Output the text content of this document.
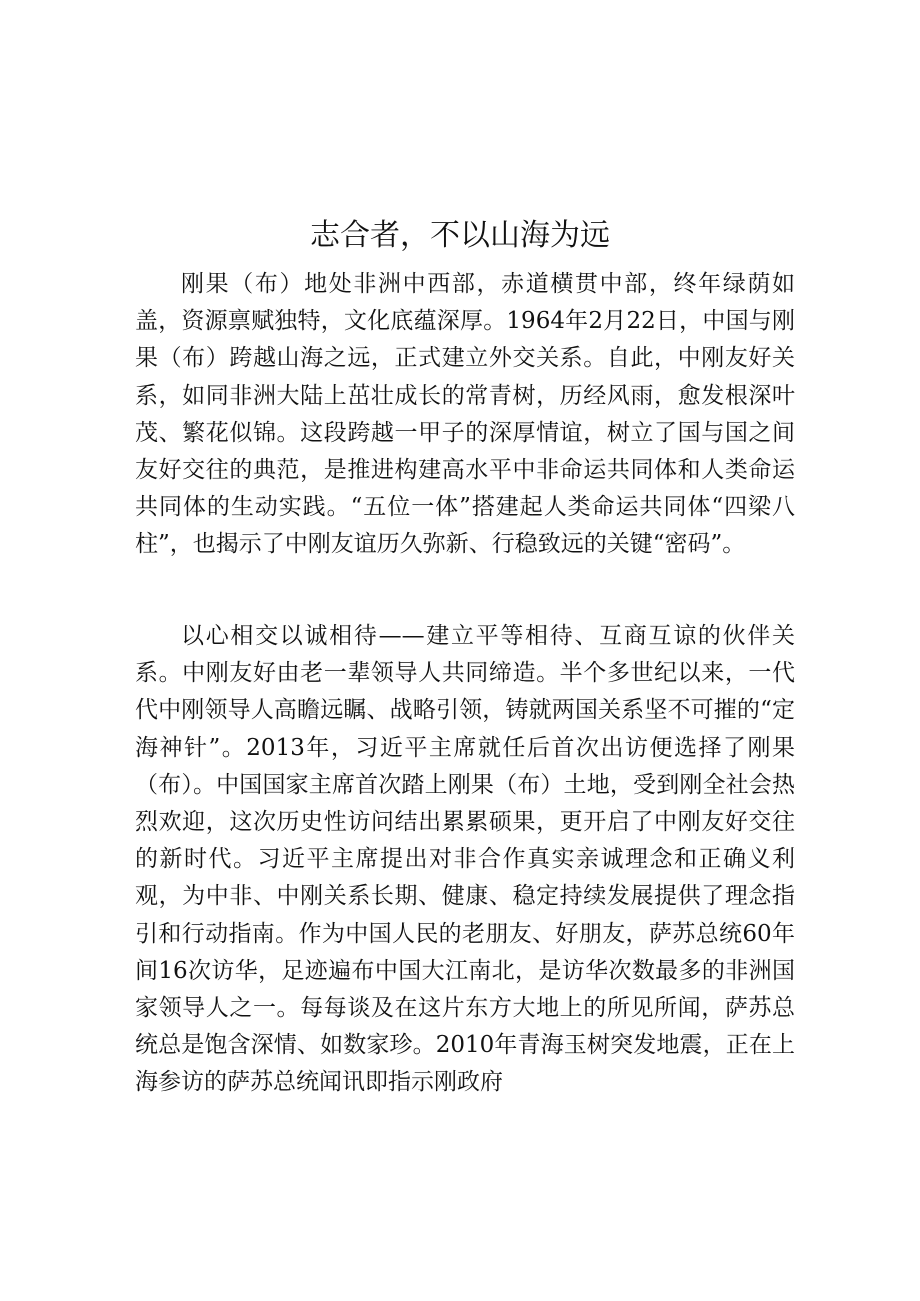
志合者，不以山海为远

刚果（布）地处非洲中西部，赤道横贯中部，终年绿荫如盖，资源禀赋独特，文化底蕴深厚。1964年2月22日，中国与刚果（布）跨越山海之远，正式建立外交关系。自此，中刚友好关系，如同非洲大陆上茁壮成长的常青树，历经风雨，愈发根深叶茂、繁花似锦。这段跨越一甲子的深厚情谊，树立了国与国之间友好交往的典范，是推进构建高水平中非命运共同体和人类命运共同体的生动实践。“五位一体”搭建起人类命运共同体“四梁八柱”，也揭示了中刚友谊历久弥新、行稳致远的关键“密码”。

以心相交以诚相待——建立平等相待、互商互谅的伙伴关系。中刚友好由老一辈领导人共同缔造。半个多世纪以来，一代代中刚领导人高瞻远瞩、战略引领，铸就两国关系坚不可摧的“定海神针”。2013年，习近平主席就任后首次出访便选择了刚果（布）。中国国家主席首次踏上刚果（布）土地，受到刚全社会热烈欢迎，这次历史性访问结出累累硕果，更开启了中刚友好交往的新时代。习近平主席提出对非合作真实亲诚理念和正确义利观，为中非、中刚关系长期、健康、稳定持续发展提供了理念指引和行动指南。作为中国人民的老朋友、好朋友，萨苏总统60年间16次访华，足迹遍布中国大江南北，是访华次数最多的非洲国家领导人之一。每每谈及在这片东方大地上的所见所闻，萨苏总统总是饱含深情、如数家珍。2010年青海玉树突发地震，正在上海参访的萨苏总统闻讯即指示刚政府
